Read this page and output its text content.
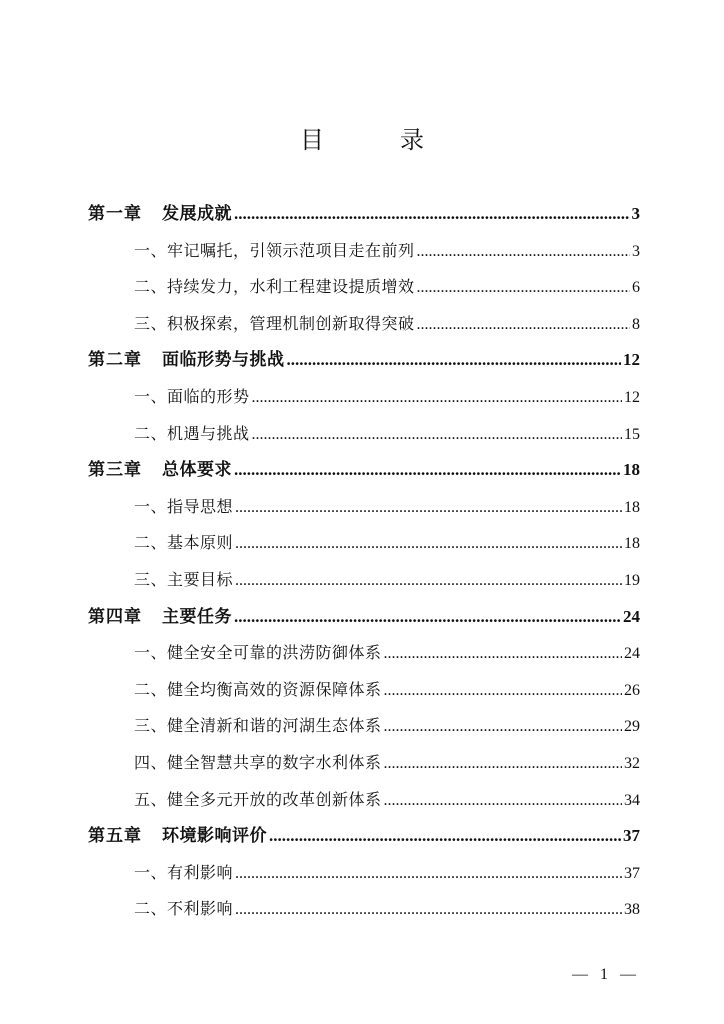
目　录
第一章 发展成就 .....	3
一、牢记嘱托，引领示范项目走在前列 .....	3
二、持续发力，水利工程建设提质增效 .....	6
三、积极探索，管理机制创新取得突破 .....	8
第二章 面临形势与挑战 .....	12
一、面临的形势 .....	12
二、机遇与挑战 .....	15
第三章 总体要求 .....	18
一、指导思想 .....	18
二、基本原则 .....	18
三、主要目标 .....	19
第四章 主要任务 .....	24
一、健全安全可靠的洪涝防御体系 .....	24
二、健全均衡高效的资源保障体系 .....	26
三、健全清新和谐的河湖生态体系 .....	29
四、健全智慧共享的数字水利体系 .....	32
五、健全多元开放的改革创新体系 .....	34
第五章 环境影响评价 .....	37
一、有利影响 .....	37
二、不利影响 .....	38
— 1 —
